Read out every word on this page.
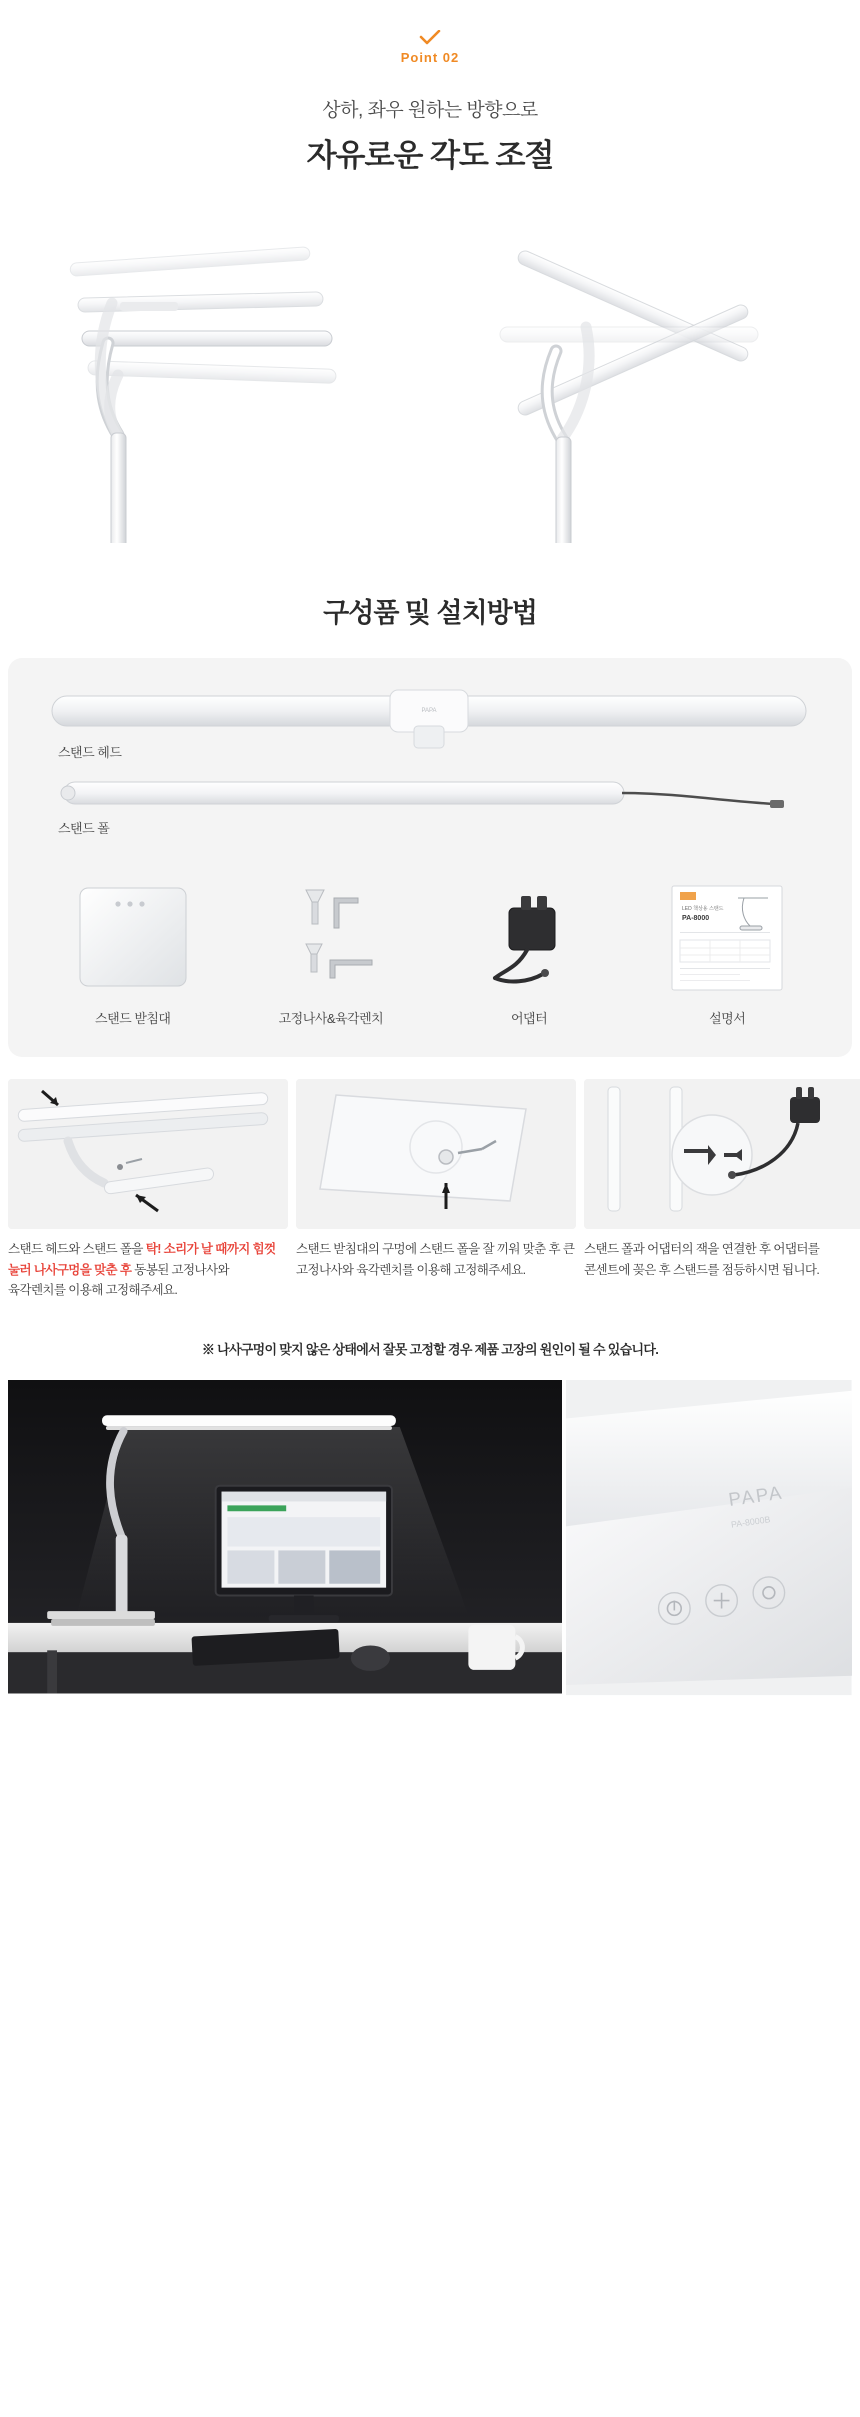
Point 02

상하, 좌우 원하는 방향으로

자유로운 각도 조절

구성품 및 설치방법
PAPA
스탠드 헤드
스탠드 폴
스탠드 받침대	고정나사&육각렌치	어댑터
LED 책상용 스탠드
PA-8000
설명서

스탠드 헤드와 스탠드 폴을 탁! 소리가 날 때까지 힘껏 눌러 나사구멍을 맞춘 후 동봉된 고정나사와 육각렌치를 이용해 고정해주세요.

스탠드 받침대의 구멍에 스탠드 폴을 잘 끼워 맞춘 후 큰 고정나사와 육각렌치를 이용해 고정해주세요.

스탠드 폴과 어댑터의 잭을 연결한 후 어댑터를 콘센트에 꽂은 후 스탠드를 점등하시면 됩니다.

※ 나사구멍이 맞지 않은 상태에서 잘못 고정할 경우 제품 고장의 원인이 될 수 있습니다.

PAPA
PA-8000B
